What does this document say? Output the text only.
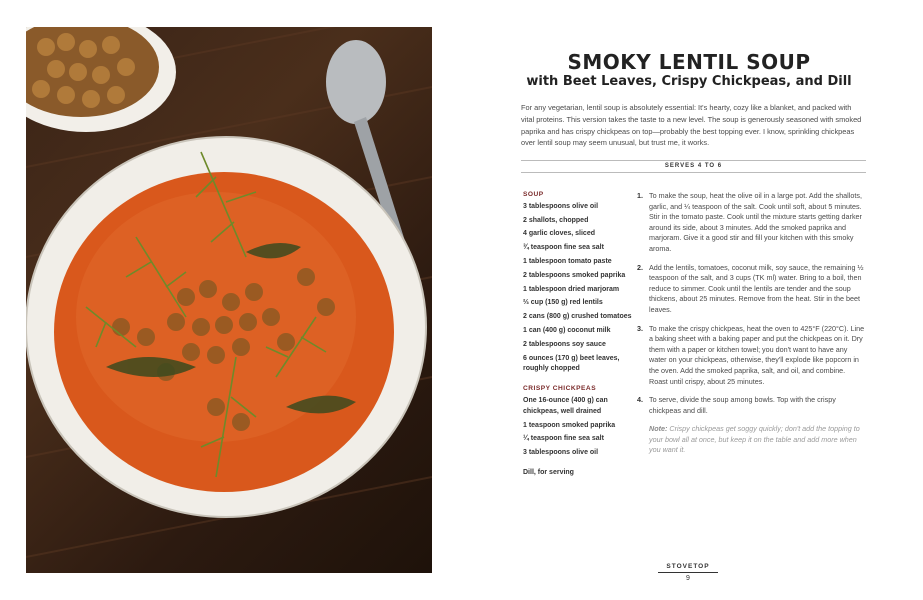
SMOKY LENTIL SOUP
with Beet Leaves, Crispy Chickpeas, and Dill
For any vegetarian, lentil soup is absolutely essential: It's hearty, cozy like a blanket, and packed with vital proteins. This version takes the taste to a new level. The soup is generously seasoned with smoked paprika and has crispy chickpeas on top—probably the best topping ever. I know, sprinkling chickpeas over lentil soup may seem unusual, but trust me, it works.
SERVES 4 TO 6
SOUP
3 tablespoons olive oil
2 shallots, chopped
4 garlic cloves, sliced
¾ teaspoon fine sea salt
1 tablespoon tomato paste
2 tablespoons smoked paprika
1 tablespoon dried marjoram
⅔ cup (150 g) red lentils
2 cans (800 g) crushed tomatoes
1 can (400 g) coconut milk
2 tablespoons soy sauce
6 ounces (170 g) beet leaves, roughly chopped
CRISPY CHICKPEAS
One 16-ounce (400 g) can chickpeas, well drained
1 teaspoon smoked paprika
¼ teaspoon fine sea salt
3 tablespoons olive oil
Dill, for serving
1. To make the soup, heat the olive oil in a large pot. Add the shallots, garlic, and ¼ teaspoon of the salt. Cook until soft, about 5 minutes. Stir in the tomato paste. Cook until the mixture starts getting darker around its side, about 3 minutes. Add the smoked paprika and marjoram. Give it a good stir and fill your kitchen with this smoky aroma.
2. Add the lentils, tomatoes, coconut milk, soy sauce, the remaining ½ teaspoon of the salt, and 3 cups (TK ml) water. Bring to a boil, then reduce to simmer. Cook until the lentils are tender and the soup thickens, about 25 minutes. Remove from the heat. Stir in the beet leaves.
3. To make the crispy chickpeas, heat the oven to 425°F (220°C). Line a baking sheet with a baking paper and put the chickpeas on it. Dry them with a paper or kitchen towel; you don't want to have any water on your chickpeas, otherwise, they'll explode like popcorn in the oven. Add the smoked paprika, salt, and oil, and combine. Roast until crispy, about 25 minutes.
4. To serve, divide the soup among bowls. Top with the crispy chickpeas and dill.
Note: Crispy chickpeas get soggy quickly; don't add the topping to your bowl all at once, but keep it on the table and add more when you want it.
STOVETOP
9
